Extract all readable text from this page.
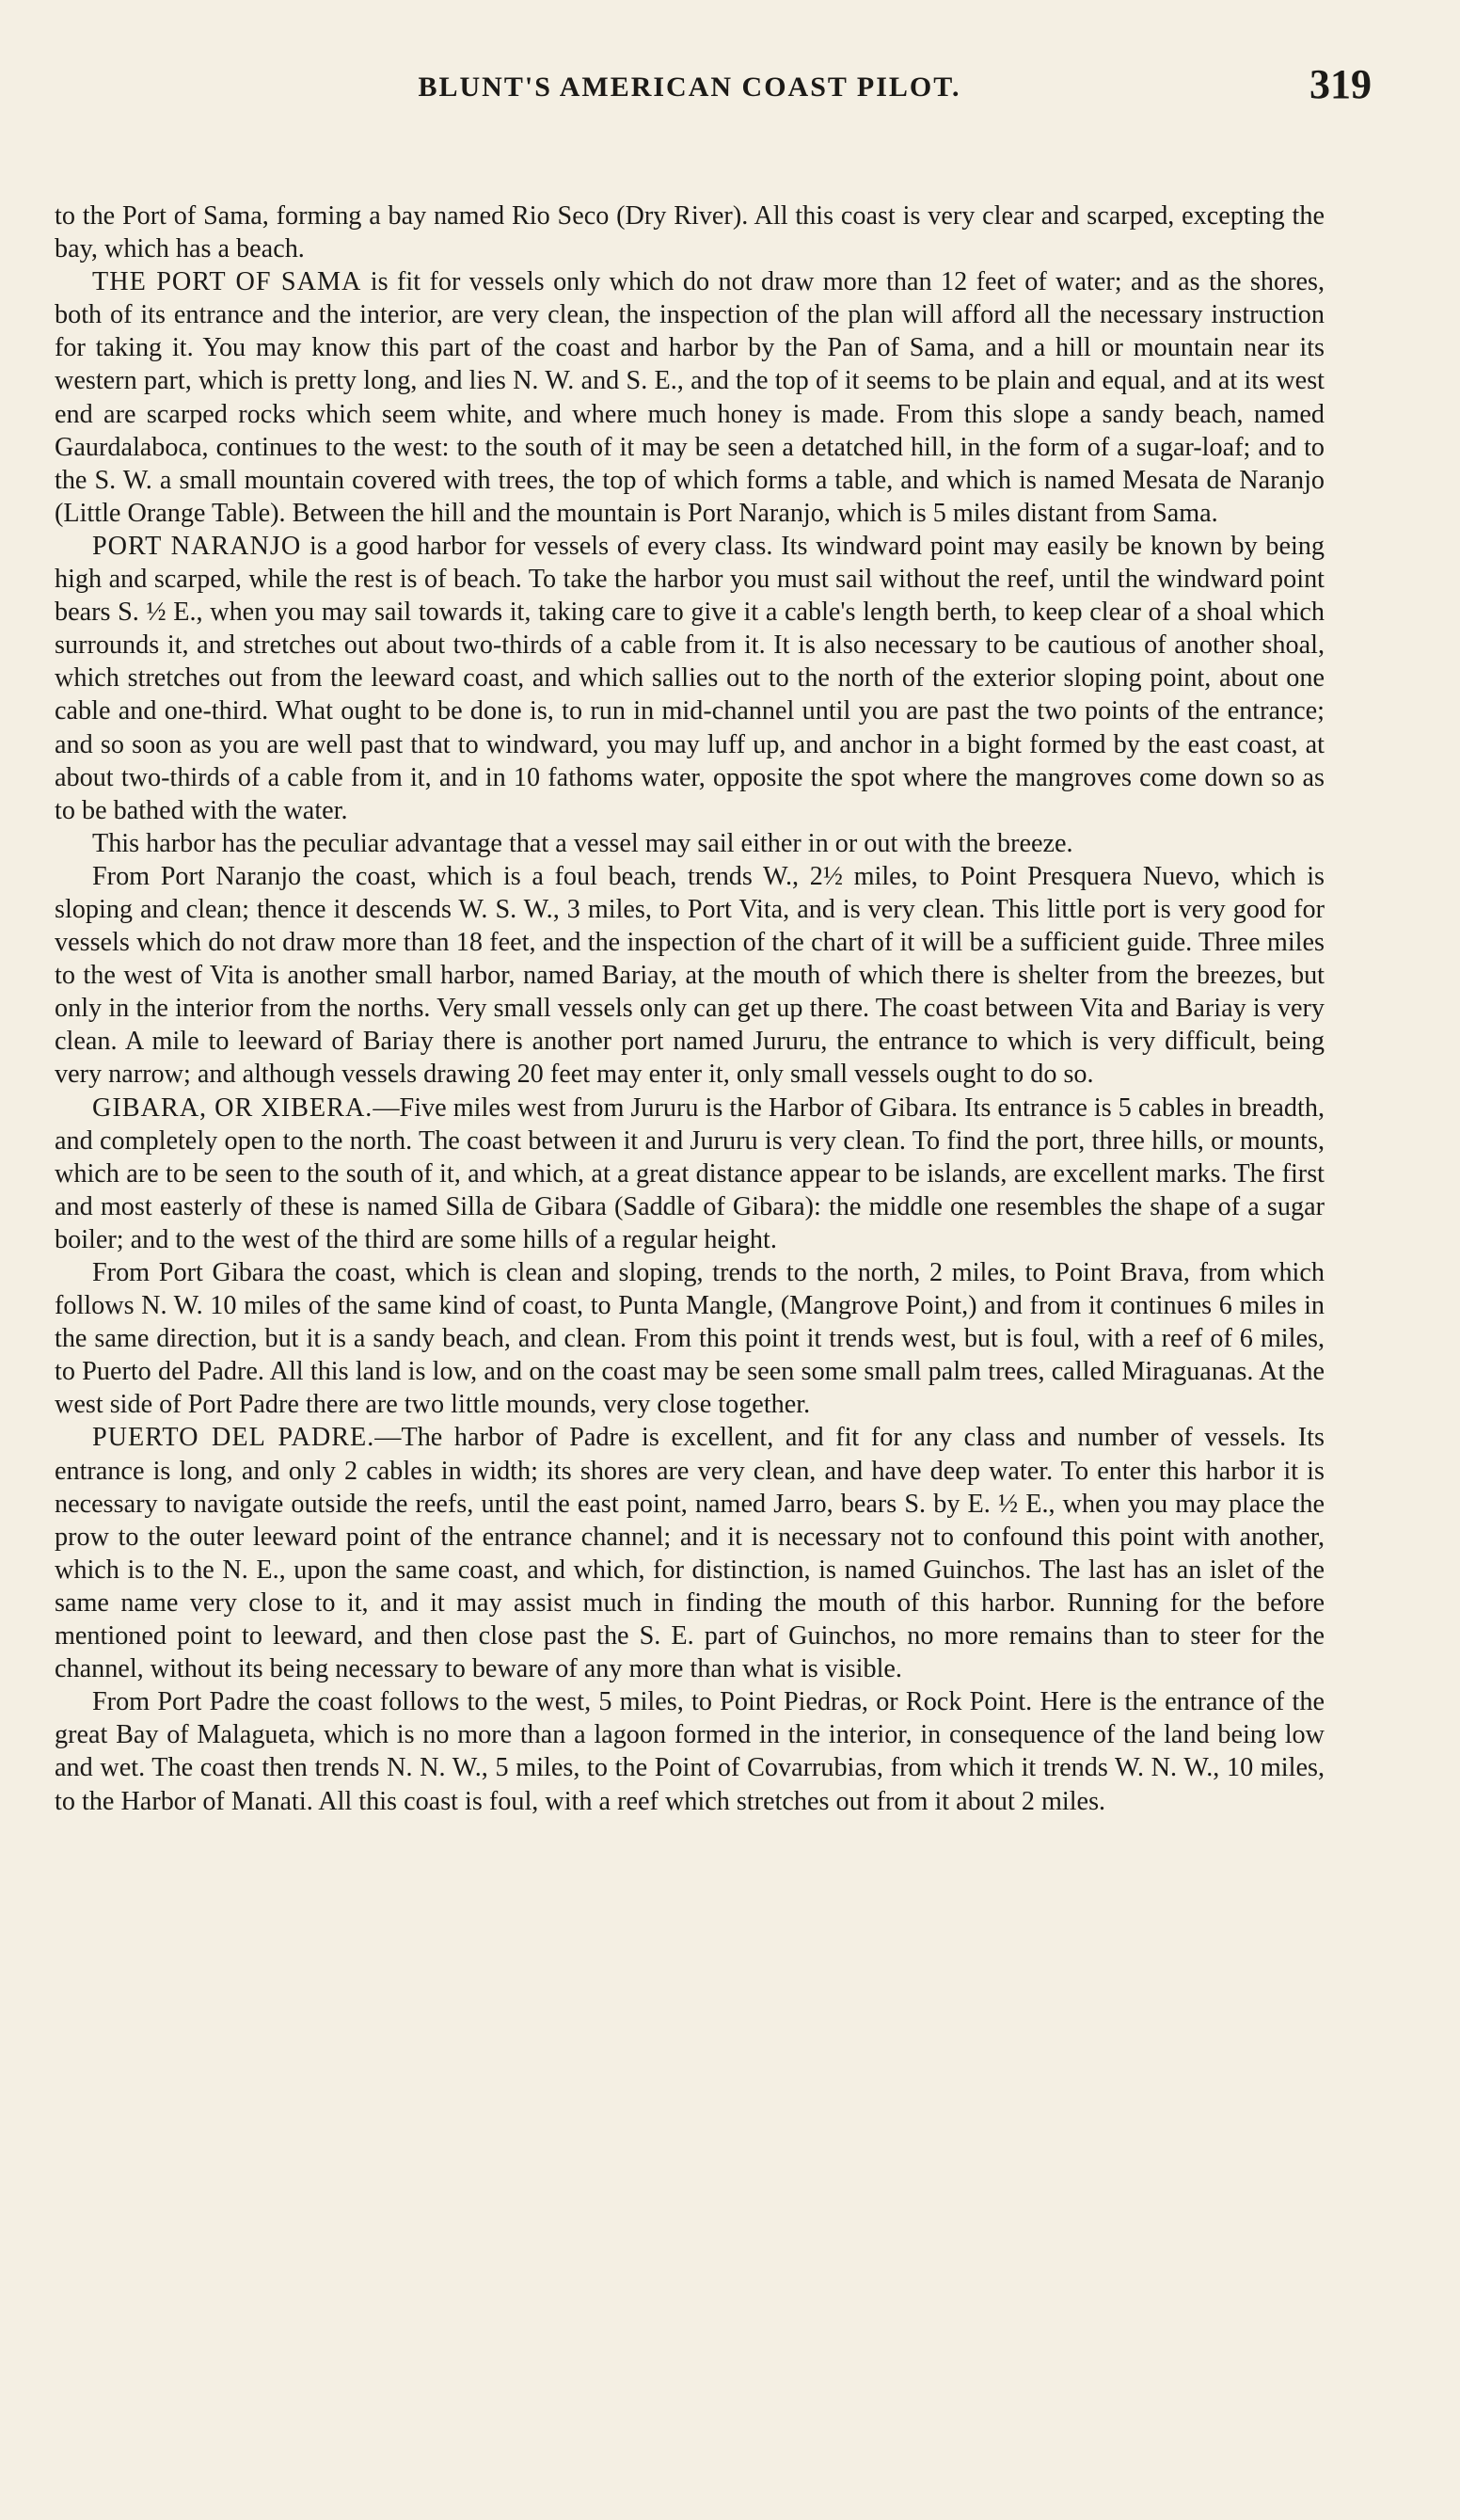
BLUNT'S AMERICAN COAST PILOT.	319

to the Port of Sama, forming a bay named Rio Seco (Dry River). All this coast is very clear and scarped, excepting the bay, which has a beach.

THE PORT OF SAMA is fit for vessels only which do not draw more than 12 feet of water; and as the shores, both of its entrance and the interior, are very clean, the inspection of the plan will afford all the necessary instruction for taking it. You may know this part of the coast and harbor by the Pan of Sama, and a hill or mountain near its western part, which is pretty long, and lies N. W. and S. E., and the top of it seems to be plain and equal, and at its west end are scarped rocks which seem white, and where much honey is made. From this slope a sandy beach, named Gaurdalaboca, continues to the west: to the south of it may be seen a detatched hill, in the form of a sugar-loaf; and to the S. W. a small mountain covered with trees, the top of which forms a table, and which is named Mesata de Naranjo (Little Orange Table). Between the hill and the mountain is Port Naranjo, which is 5 miles distant from Sama.

PORT NARANJO is a good harbor for vessels of every class. Its windward point may easily be known by being high and scarped, while the rest is of beach. To take the harbor you must sail without the reef, until the windward point bears S. ½ E., when you may sail towards it, taking care to give it a cable's length berth, to keep clear of a shoal which surrounds it, and stretches out about two-thirds of a cable from it. It is also necessary to be cautious of another shoal, which stretches out from the leeward coast, and which sallies out to the north of the exterior sloping point, about one cable and one-third. What ought to be done is, to run in mid-channel until you are past the two points of the entrance; and so soon as you are well past that to windward, you may luff up, and anchor in a bight formed by the east coast, at about two-thirds of a cable from it, and in 10 fathoms water, opposite the spot where the mangroves come down so as to be bathed with the water.

This harbor has the peculiar advantage that a vessel may sail either in or out with the breeze.

From Port Naranjo the coast, which is a foul beach, trends W., 2½ miles, to Point Presquera Nuevo, which is sloping and clean; thence it descends W. S. W., 3 miles, to Port Vita, and is very clean. This little port is very good for vessels which do not draw more than 18 feet, and the inspection of the chart of it will be a sufficient guide. Three miles to the west of Vita is another small harbor, named Bariay, at the mouth of which there is shelter from the breezes, but only in the interior from the norths. Very small vessels only can get up there. The coast between Vita and Bariay is very clean. A mile to leeward of Bariay there is another port named Jururu, the entrance to which is very difficult, being very narrow; and although vessels drawing 20 feet may enter it, only small vessels ought to do so.

GIBARA, OR XIBERA.—Five miles west from Jururu is the Harbor of Gibara. Its entrance is 5 cables in breadth, and completely open to the north. The coast between it and Jururu is very clean. To find the port, three hills, or mounts, which are to be seen to the south of it, and which, at a great distance appear to be islands, are excellent marks. The first and most easterly of these is named Silla de Gibara (Saddle of Gibara): the middle one resembles the shape of a sugar boiler; and to the west of the third are some hills of a regular height.

From Port Gibara the coast, which is clean and sloping, trends to the north, 2 miles, to Point Brava, from which follows N. W. 10 miles of the same kind of coast, to Punta Mangle, (Mangrove Point,) and from it continues 6 miles in the same direction, but it is a sandy beach, and clean. From this point it trends west, but is foul, with a reef of 6 miles, to Puerto del Padre. All this land is low, and on the coast may be seen some small palm trees, called Miraguanas. At the west side of Port Padre there are two little mounds, very close together.

PUERTO DEL PADRE.—The harbor of Padre is excellent, and fit for any class and number of vessels. Its entrance is long, and only 2 cables in width; its shores are very clean, and have deep water. To enter this harbor it is necessary to navigate outside the reefs, until the east point, named Jarro, bears S. by E. ½ E., when you may place the prow to the outer leeward point of the entrance channel; and it is necessary not to confound this point with another, which is to the N. E., upon the same coast, and which, for distinction, is named Guinchos. The last has an islet of the same name very close to it, and it may assist much in finding the mouth of this harbor. Running for the before mentioned point to leeward, and then close past the S. E. part of Guinchos, no more remains than to steer for the channel, without its being necessary to beware of any more than what is visible.

From Port Padre the coast follows to the west, 5 miles, to Point Piedras, or Rock Point. Here is the entrance of the great Bay of Malagueta, which is no more than a lagoon formed in the interior, in consequence of the land being low and wet. The coast then trends N. N. W., 5 miles, to the Point of Covarrubias, from which it trends W. N. W., 10 miles, to the Harbor of Manati. All this coast is foul, with a reef which stretches out from it about 2 miles.
